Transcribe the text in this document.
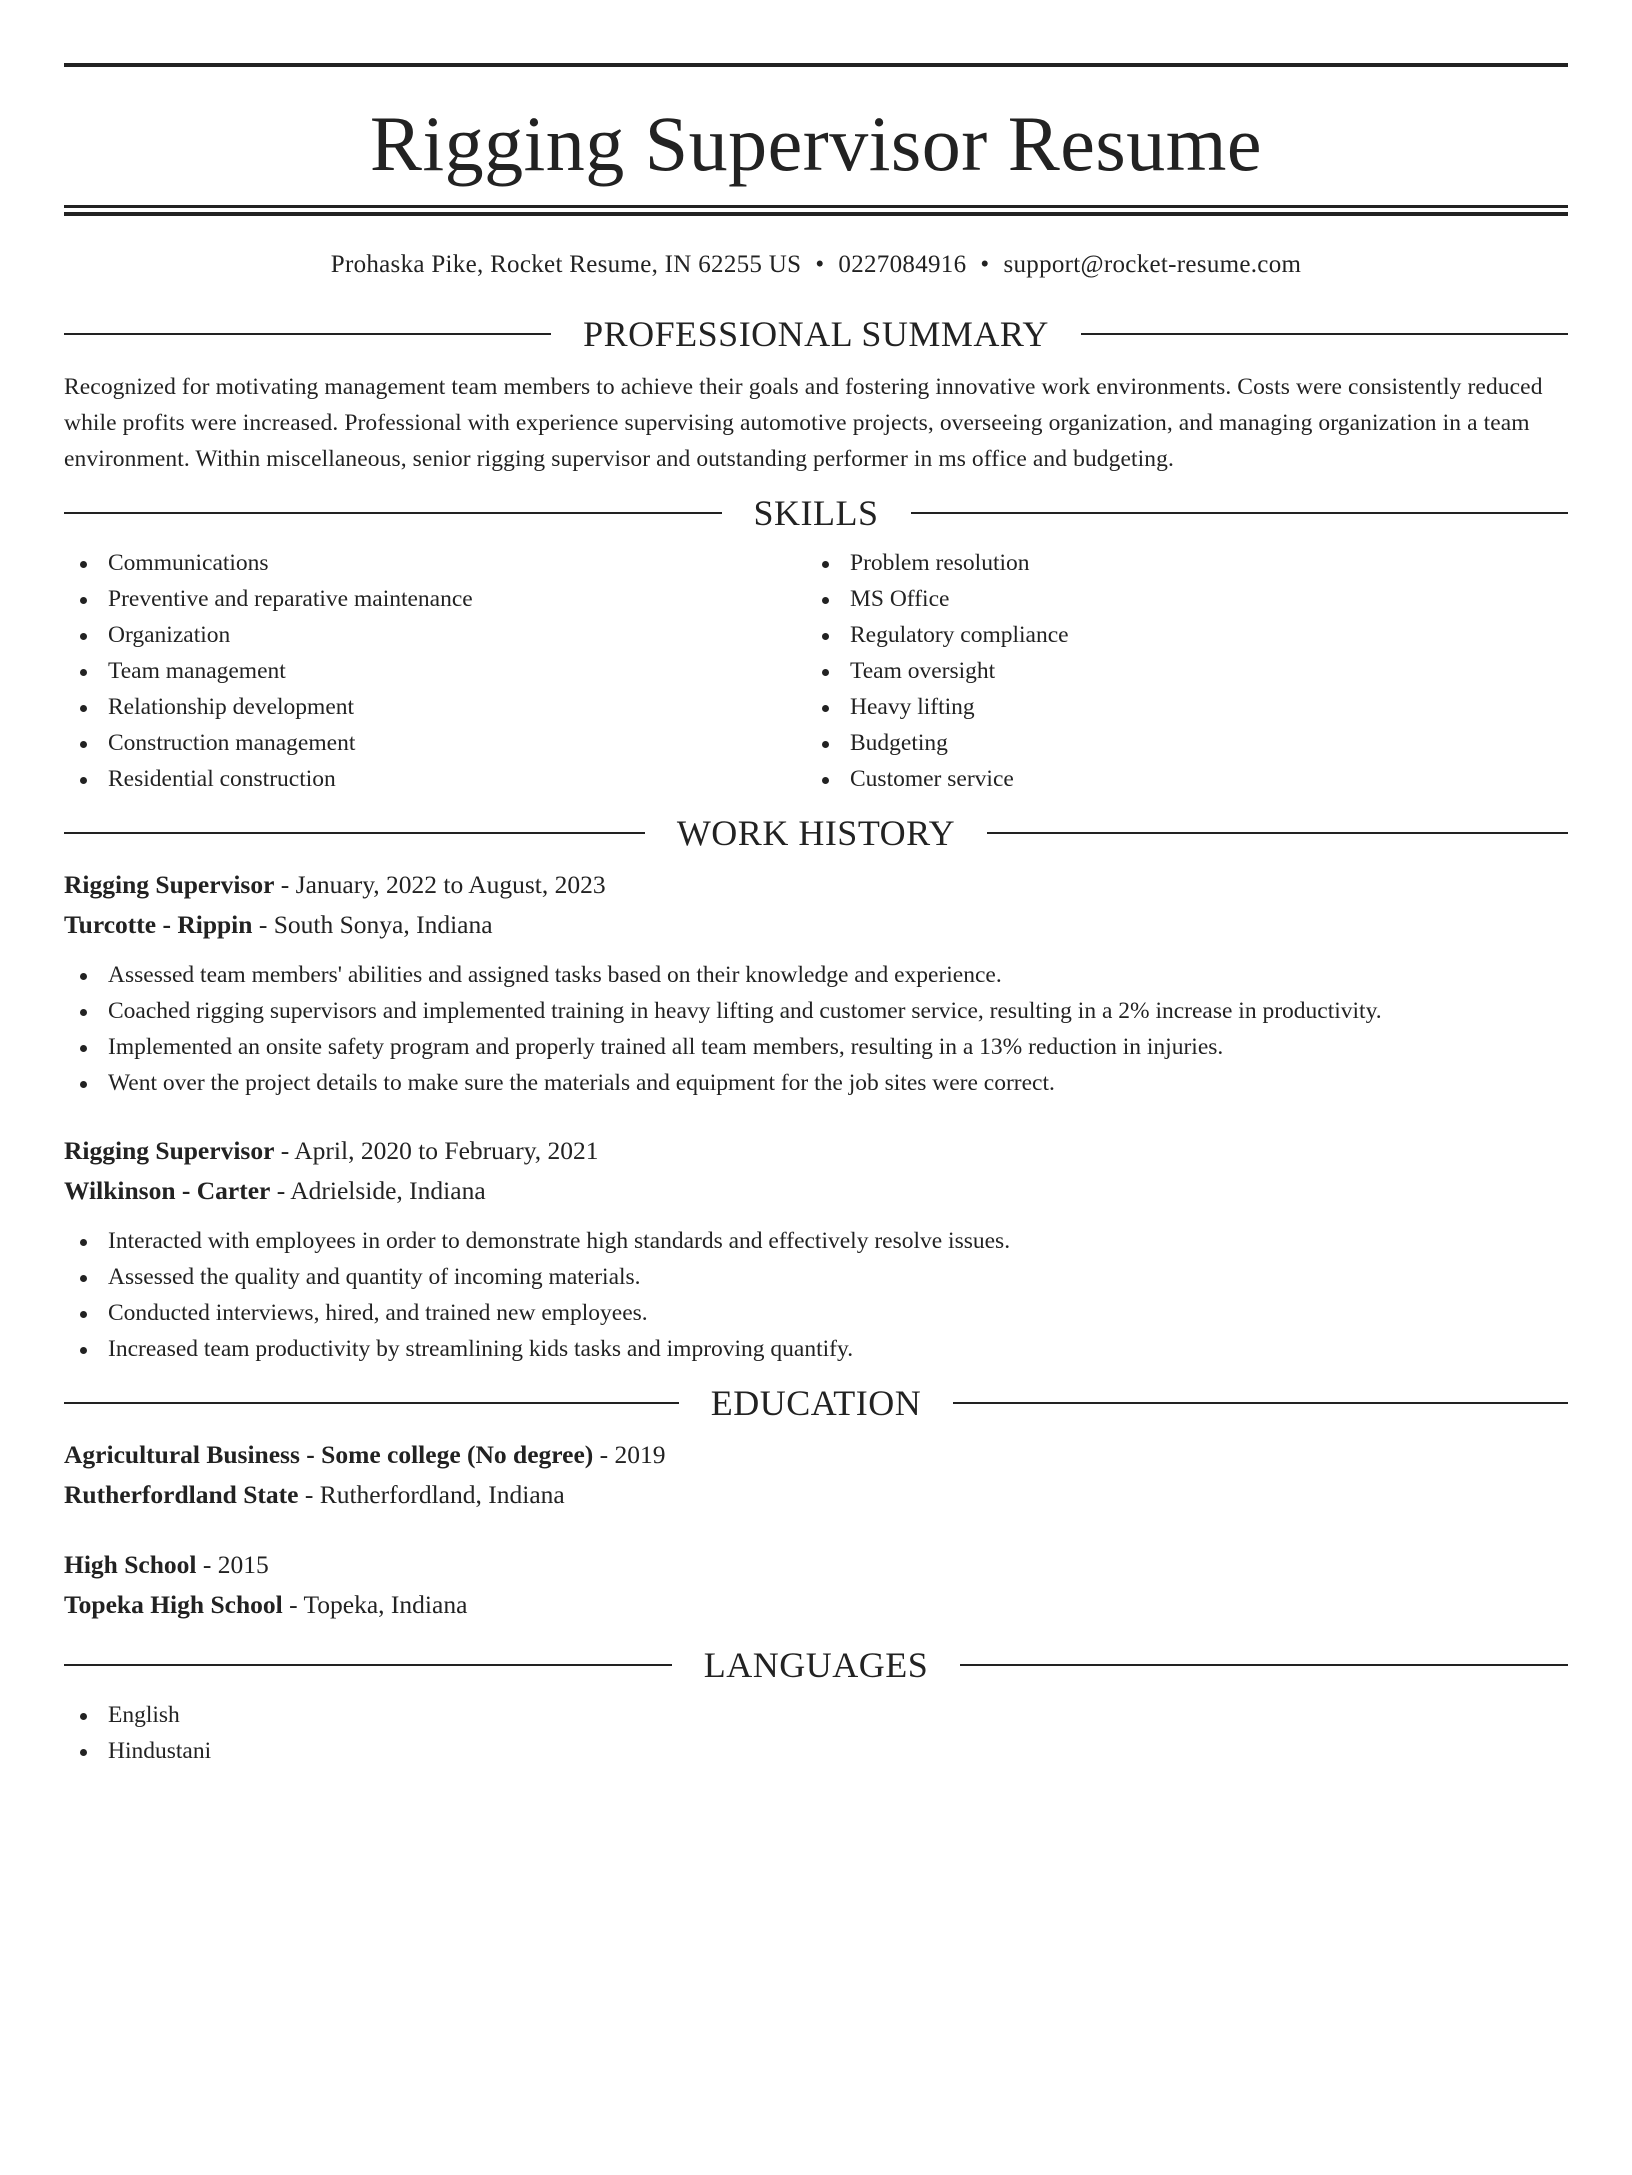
Rigging Supervisor Resume
Prohaska Pike, Rocket Resume, IN 62255 US • 0227084916 • support@rocket-resume.com
PROFESSIONAL SUMMARY

Recognized for motivating management team members to achieve their goals and fostering innovative work environments. Costs were consistently reduced while profits were increased. Professional with experience supervising automotive projects, overseeing organization, and managing organization in a team environment. Within miscellaneous, senior rigging supervisor and outstanding performer in ms office and budgeting.

SKILLS
Communications
Preventive and reparative maintenance
Organization
Team management
Relationship development
Construction management
Residential construction
Problem resolution
MS Office
Regulatory compliance
Team oversight
Heavy lifting
Budgeting
Customer service
WORK HISTORY
Rigging Supervisor - January, 2022 to August, 2023
Turcotte - Rippin - South Sonya, Indiana
Assessed team members' abilities and assigned tasks based on their knowledge and experience.
Coached rigging supervisors and implemented training in heavy lifting and customer service, resulting in a 2% increase in productivity.
Implemented an onsite safety program and properly trained all team members, resulting in a 13% reduction in injuries.
Went over the project details to make sure the materials and equipment for the job sites were correct.
Rigging Supervisor - April, 2020 to February, 2021
Wilkinson - Carter - Adrielside, Indiana
Interacted with employees in order to demonstrate high standards and effectively resolve issues.
Assessed the quality and quantity of incoming materials.
Conducted interviews, hired, and trained new employees.
Increased team productivity by streamlining kids tasks and improving quantify.
EDUCATION
Agricultural Business - Some college (No degree) - 2019
Rutherfordland State - Rutherfordland, Indiana
High School - 2015
Topeka High School - Topeka, Indiana
LANGUAGES
English
Hindustani
